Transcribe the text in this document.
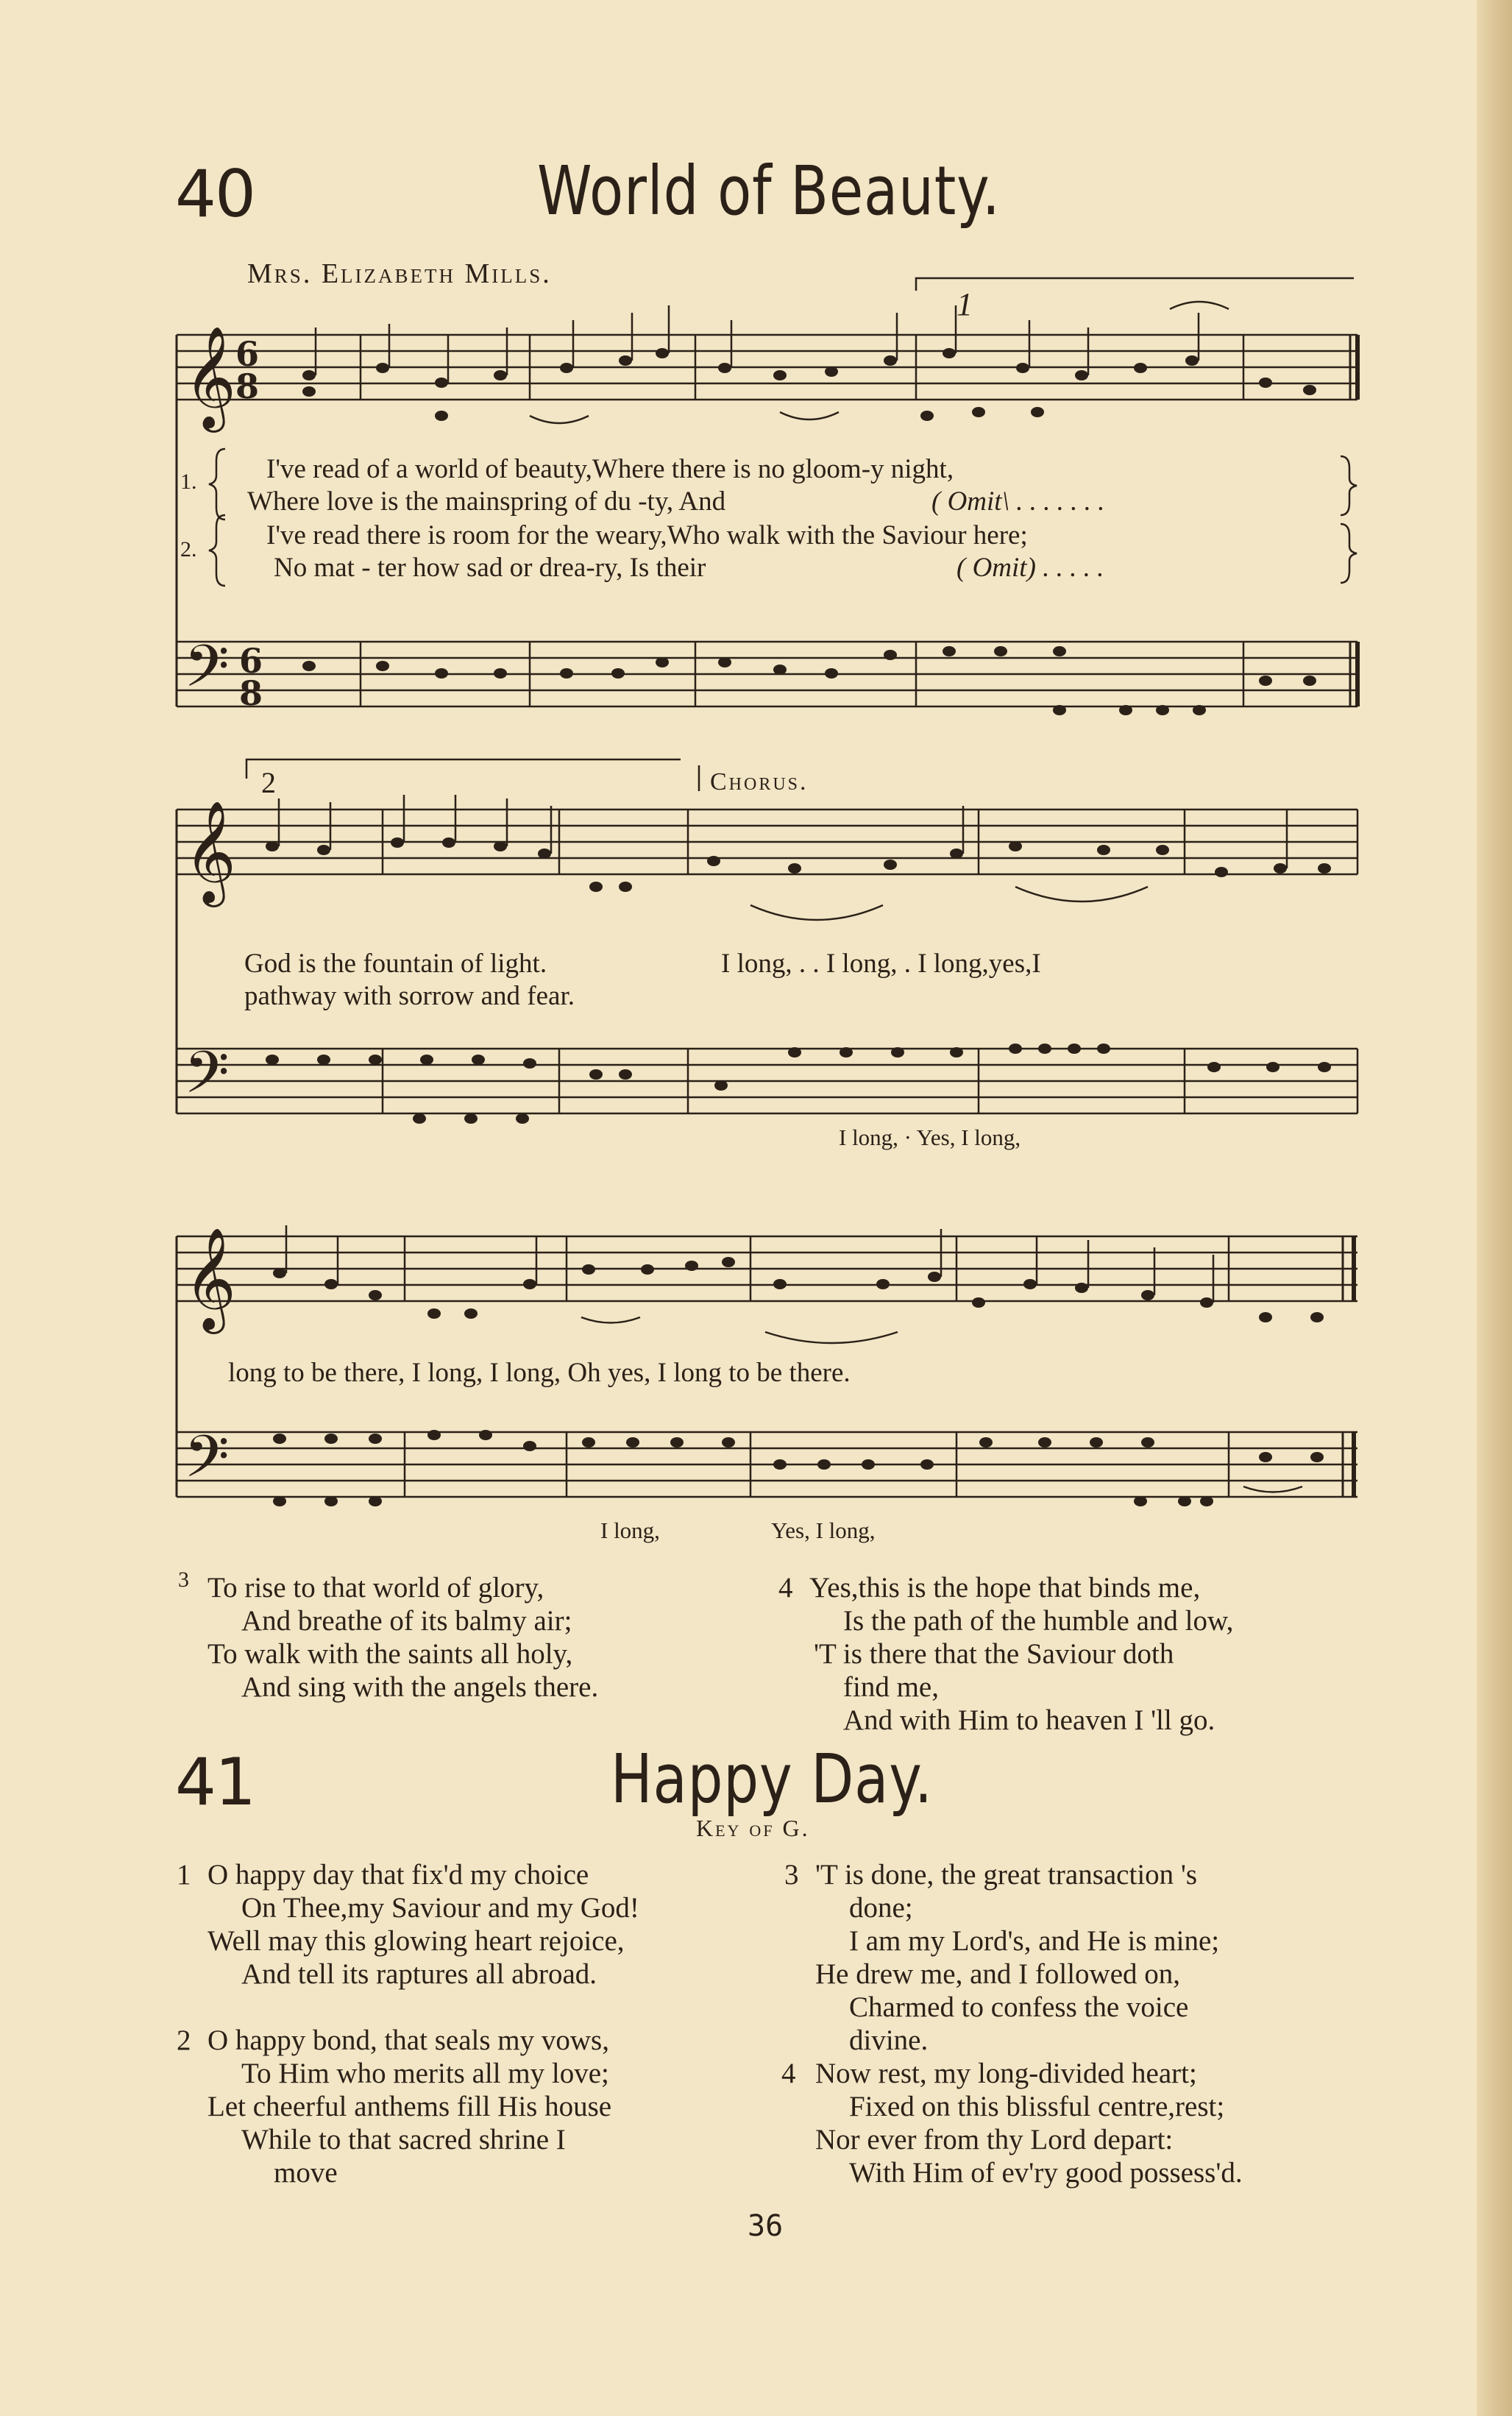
40	World of Beauty.
Mrs. Elizabeth Mills.
𝄞
𝄢
𝄞
𝄢
𝄞
𝄢
6
8
6
8
1
2	Chorus.
1.
2.
I've read of a world of beauty,Where there is no gloom-y night,
Where love is the mainspring of du -ty, And	( Omit\ . . . . . . .
I've read there is room for the weary,Who walk with the Saviour here;
No mat - ter how sad or drea-ry, Is their	( Omit) . . . . .
God is the fountain of light.
pathway with sorrow and fear.
I long, . . I long, . I long,yes,I
I long, · Yes, I long,
long to be there, I long, I long, Oh yes, I long to be there.
I long,	Yes, I long,
3 To rise to that world of glory,

And breathe of its balmy air;

To walk with the saints all holy,

And sing with the angels there.

4 Yes,this is the hope that binds me,

Is the path of the humble and low,

'T is there that the Saviour doth

find me,

And with Him to heaven I 'll go.

41	Happy Day.
Key of G.
1 O happy day that fix'd my choice

On Thee,my Saviour and my God!

Well may this glowing heart rejoice,

And tell its raptures all abroad.

2 O happy bond, that seals my vows,

To Him who merits all my love;

Let cheerful anthems fill His house

While to that sacred shrine I

move

3 'T is done, the great transaction 's

done;

I am my Lord's, and He is mine;

He drew me, and I followed on,

Charmed to confess the voice

divine.

4 Now rest, my long-divided heart;

Fixed on this blissful centre,rest;

Nor ever from thy Lord depart:

With Him of ev'ry good possess'd.

36
